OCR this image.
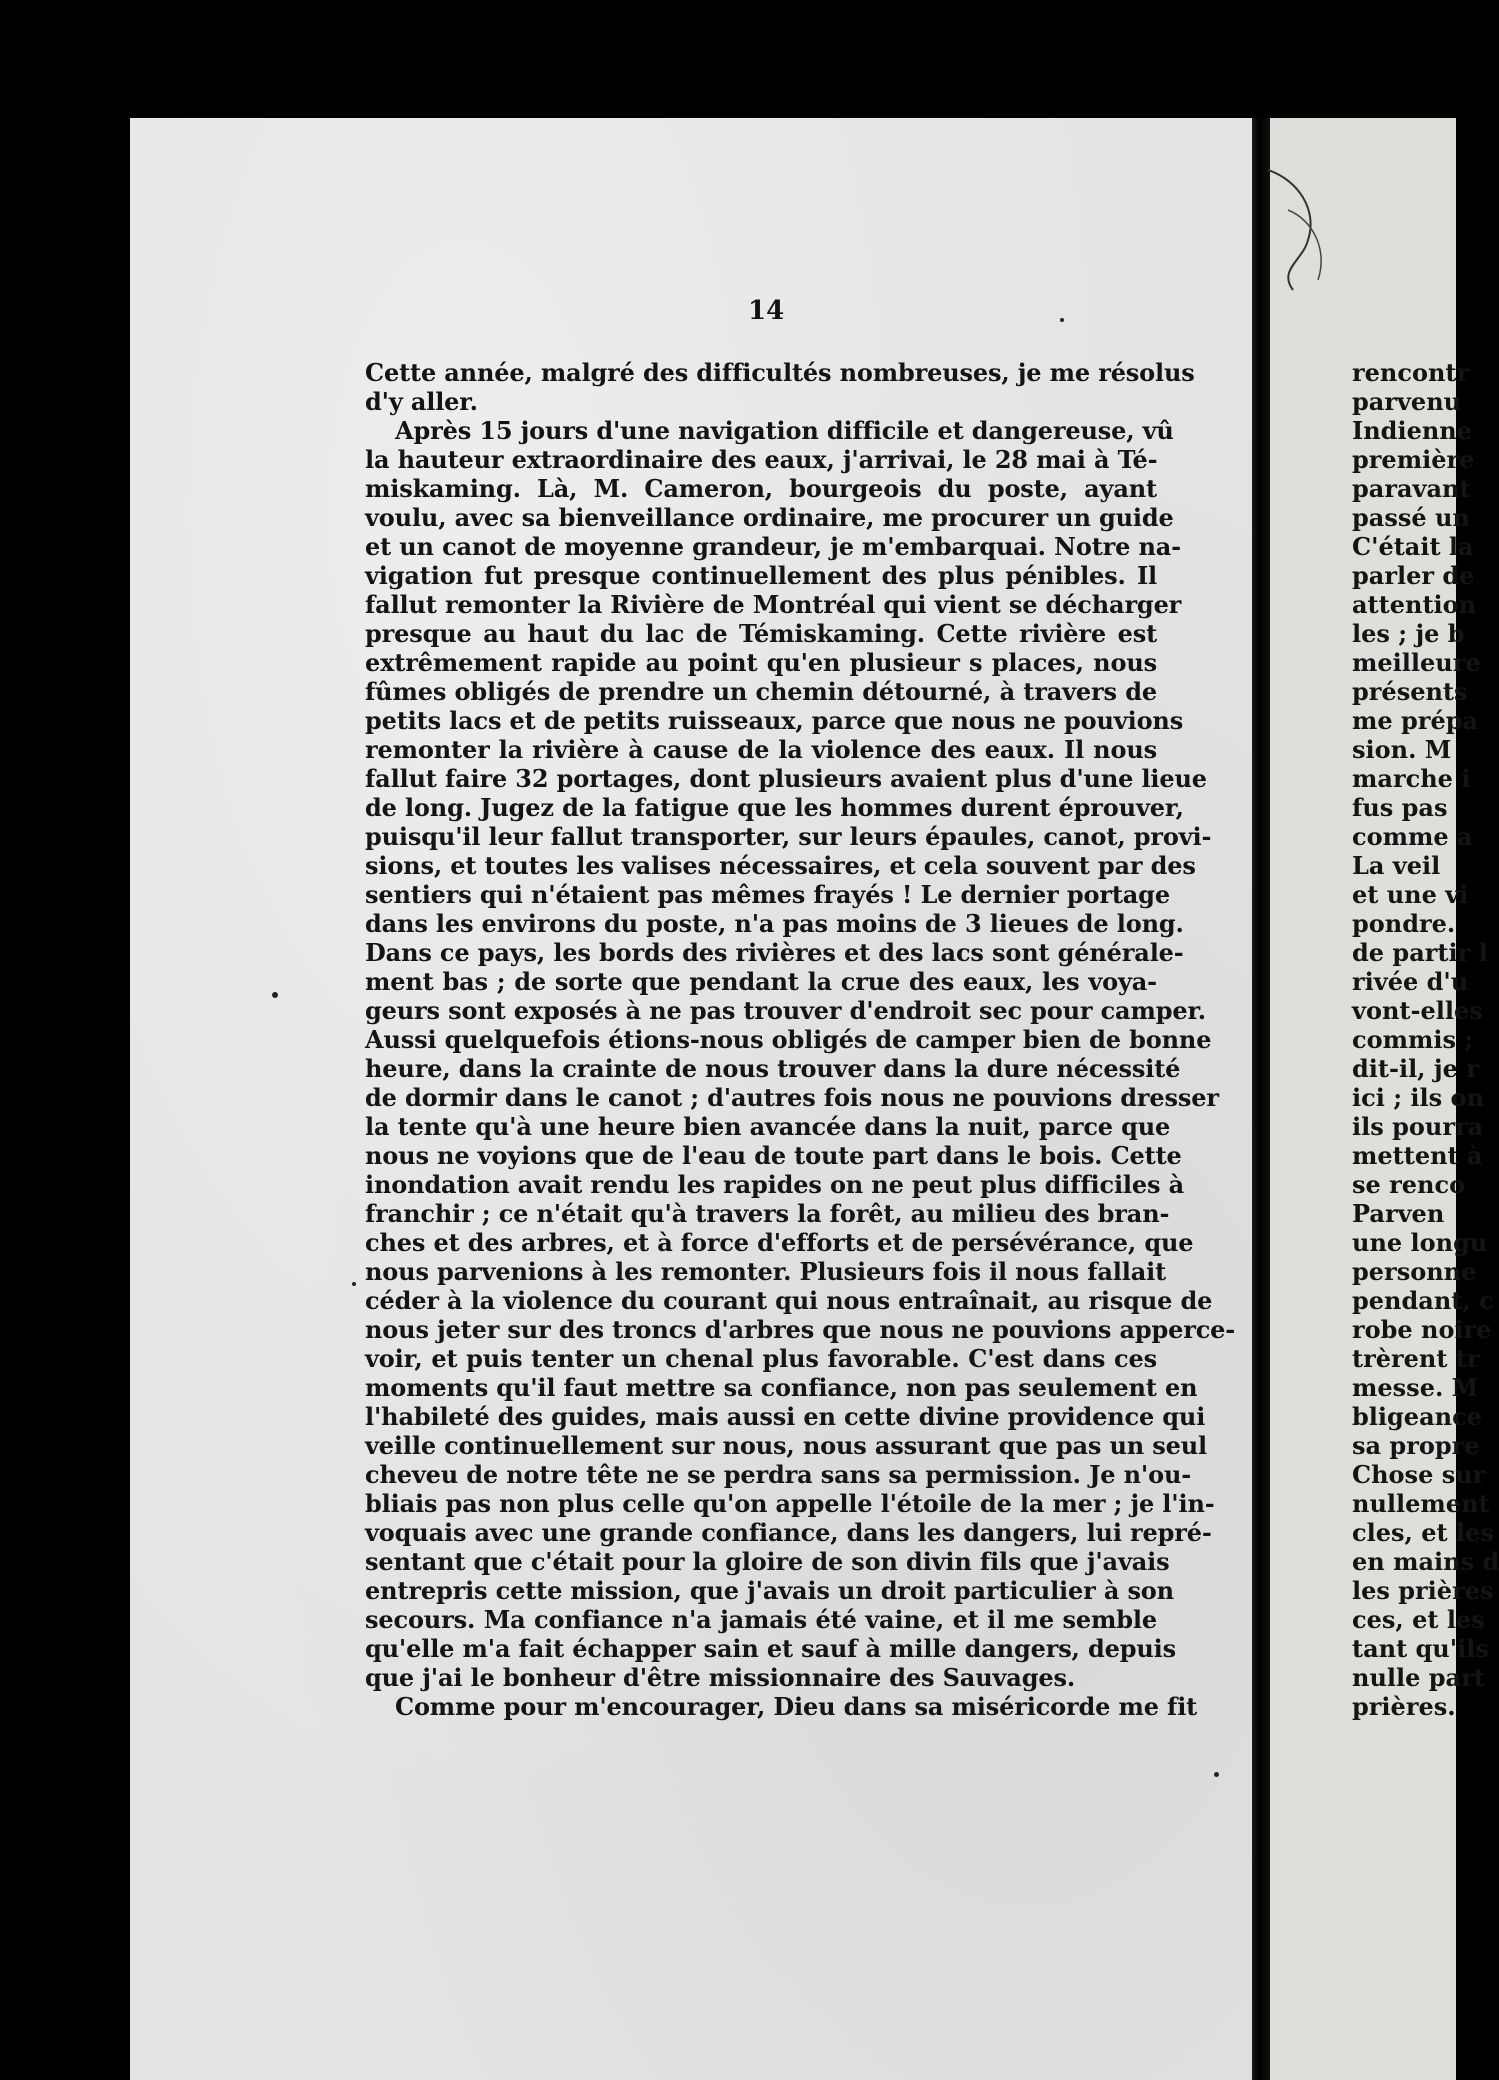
14
Cette année, malgré des difficultés nombreuses, je me résolus
d'y aller.
Après 15 jours d'une navigation difficile et dangereuse, vû
la hauteur extraordinaire des eaux, j'arrivai, le 28 mai à Té-
miskaming. Là, M. Cameron, bourgeois du poste, ayant
voulu, avec sa bienveillance ordinaire, me procurer un guide
et un canot de moyenne grandeur, je m'embarquai. Notre na-
vigation fut presque continuellement des plus pénibles. Il
fallut remonter la Rivière de Montréal qui vient se décharger
presque au haut du lac de Témiskaming. Cette rivière est
extrêmement rapide au point qu'en plusieur s places, nous
fûmes obligés de prendre un chemin détourné, à travers de
petits lacs et de petits ruisseaux, parce que nous ne pouvions
remonter la rivière à cause de la violence des eaux. Il nous
fallut faire 32 portages, dont plusieurs avaient plus d'une lieue
de long. Jugez de la fatigue que les hommes durent éprouver,
puisqu'il leur fallut transporter, sur leurs épaules, canot, provi-
sions, et toutes les valises nécessaires, et cela souvent par des
sentiers qui n'étaient pas mêmes frayés ! Le dernier portage
dans les environs du poste, n'a pas moins de 3 lieues de long.
Dans ce pays, les bords des rivières et des lacs sont générale-
ment bas ; de sorte que pendant la crue des eaux, les voya-
geurs sont exposés à ne pas trouver d'endroit sec pour camper.
Aussi quelquefois étions-nous obligés de camper bien de bonne
heure, dans la crainte de nous trouver dans la dure nécessité
de dormir dans le canot ; d'autres fois nous ne pouvions dresser
la tente qu'à une heure bien avancée dans la nuit, parce que
nous ne voyions que de l'eau de toute part dans le bois. Cette
inondation avait rendu les rapides on ne peut plus difficiles à
franchir ; ce n'était qu'à travers la forêt, au milieu des bran-
ches et des arbres, et à force d'efforts et de persévérance, que
nous parvenions à les remonter. Plusieurs fois il nous fallait
céder à la violence du courant qui nous entraînait, au risque de
nous jeter sur des troncs d'arbres que nous ne pouvions apperce-
voir, et puis tenter un chenal plus favorable. C'est dans ces
moments qu'il faut mettre sa confiance, non pas seulement en
l'habileté des guides, mais aussi en cette divine providence qui
veille continuellement sur nous, nous assurant que pas un seul
cheveu de notre tête ne se perdra sans sa permission. Je n'ou-
bliais pas non plus celle qu'on appelle l'étoile de la mer ; je l'in-
voquais avec une grande confiance, dans les dangers, lui repré-
sentant que c'était pour la gloire de son divin fils que j'avais
entrepris cette mission, que j'avais un droit particulier à son
secours. Ma confiance n'a jamais été vaine, et il me semble
qu'elle m'a fait échapper sain et sauf à mille dangers, depuis
que j'ai le bonheur d'être missionnaire des Sauvages.
Comme pour m'encourager, Dieu dans sa miséricorde me fit
rencontr
parvenu
Indienne
première
paravant
passé un
C'était la
parler de
attention
les ; je b
meilleure
présents
me prépa
sion. M
marche i
fus pas
comme a
La veil
et une vi
pondre.
de partir l
rivée d'u
vont-elles
commis ;
dit-il, je r
ici ; ils on
ils pourra
mettent à
se renco
Parven
une longu
personne
pendant, c
robe noire
trèrent tr
messe. M
bligeance
sa propre
Chose sur
nullement
cles, et les
en mains d
les prières
ces, et les
tant qu'ils
nulle part
prières.
